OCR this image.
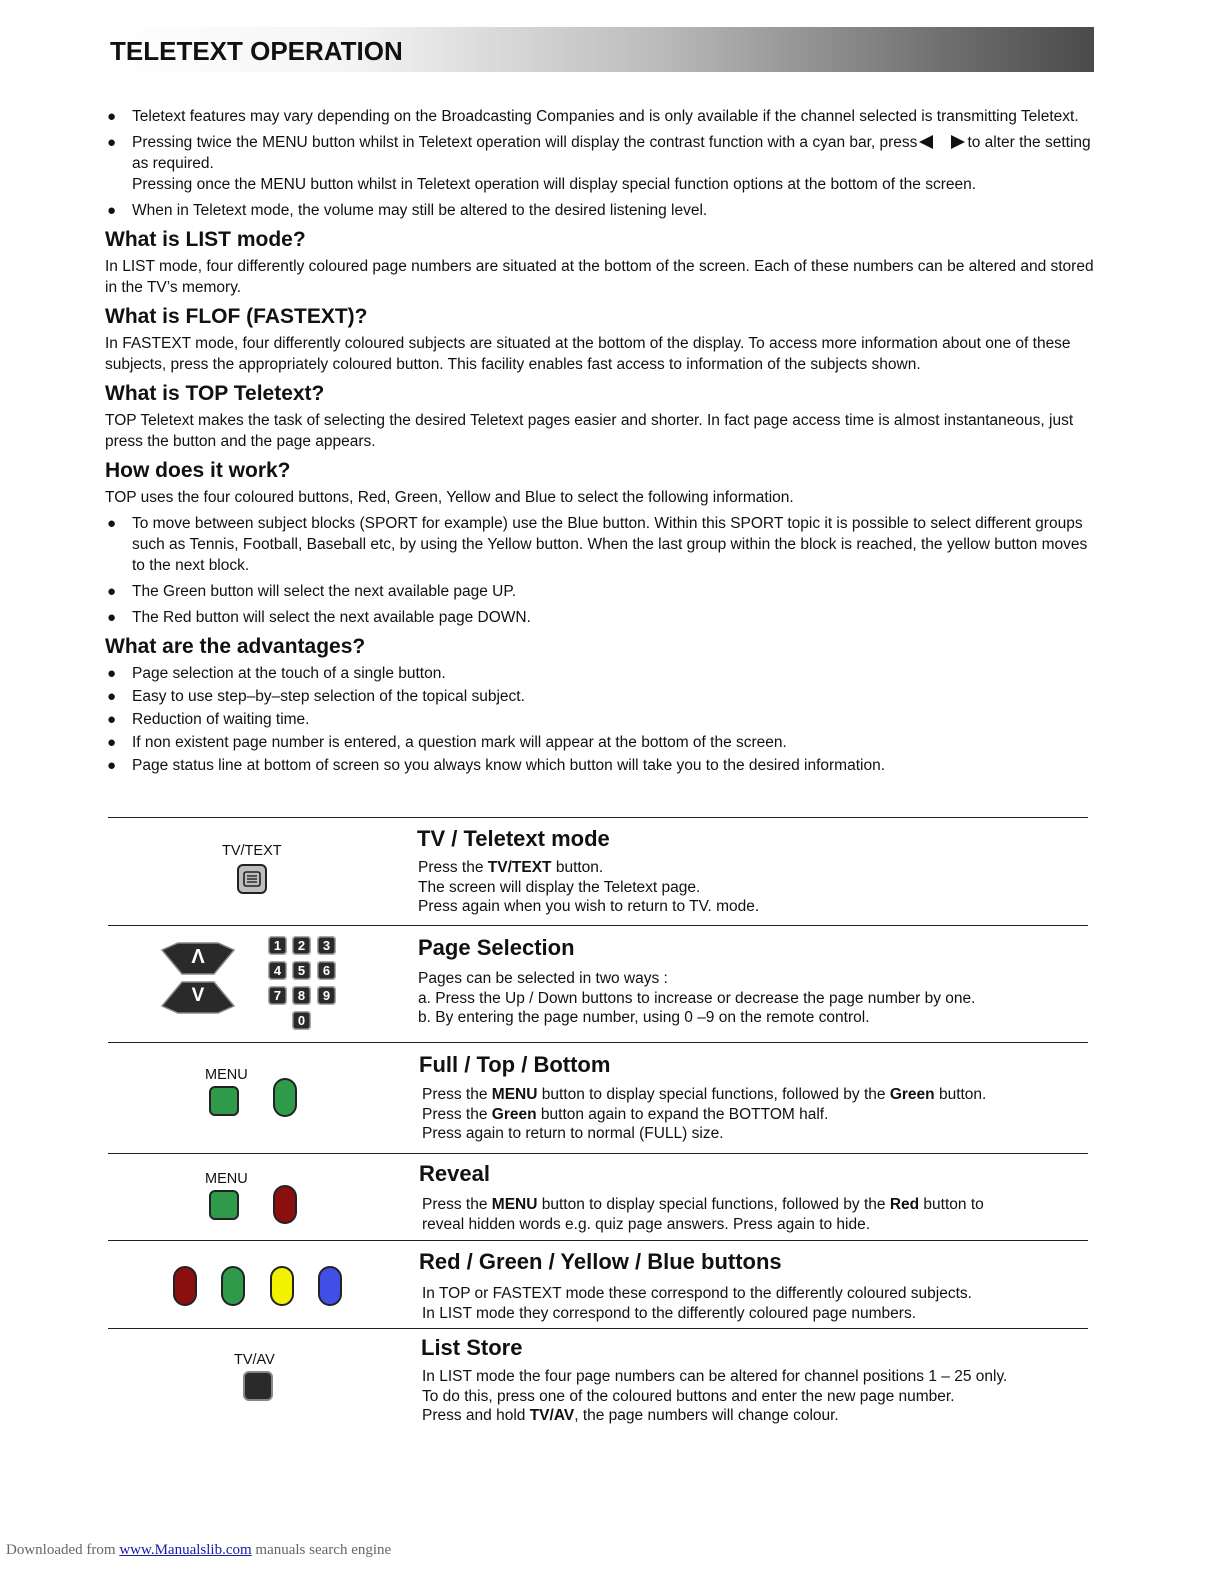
TELETEXT OPERATION
● Teletext features may vary depending on the Broadcasting Companies and is only available if the channel selected is transmitting Teletext.

● Pressing twice the MENU button whilst in Teletext operation will display the contrast function with a cyan bar, press	to alter the setting as required.

Pressing once the MENU button whilst in Teletext operation will display special function options at the bottom of the screen.

● When in Teletext mode, the volume may still be altered to the desired listening level.

What is LIST mode?

In LIST mode, four differently coloured page numbers are situated at the bottom of the screen. Each of these numbers can be altered and stored in the TV’s memory.

What is FLOF (FASTEXT)?

In FASTEXT mode, four differently coloured subjects are situated at the bottom of the display. To access more information about one of these subjects, press the appropriately coloured button. This facility enables fast access to information of the subjects shown.

What is TOP Teletext?

TOP Teletext makes the task of selecting the desired Teletext pages easier and shorter. In fact page access time is almost instantaneous, just press the button and the page appears.

How does it work?

TOP uses the four coloured buttons, Red, Green, Yellow and Blue to select the following information.

● To move between subject blocks (SPORT for example) use the Blue button. Within this SPORT topic it is possible to select different groups such as Tennis, Football, Baseball etc, by using the Yellow button. When the last group within the block is reached, the yellow button moves to the next block.

● The Green button will select the next available page UP.

● The Red button will select the next available page DOWN.

What are the advantages?
● Page selection at the touch of a single button.

● Easy to use step–by–step selection of the topical subject.

● Reduction of waiting time.

● If non existent page number is entered, a question mark will appear at the bottom of the screen.

● Page status line at bottom of screen so you always know which button will take you to the desired information.

TV/TEXT	TV / Teletext mode

Press the TV/TEXT button.

The screen will display the Teletext page.

Press again when you wish to return to TV. mode.

Λ
V
1	2	3
4	5	6
7	8	9
0
Page Selection

Pages can be selected in two ways :

a. Press the Up / Down buttons to increase or decrease the page number by one.

b. By entering the page number, using 0 –9 on the remote control.

MENU	Full / Top / Bottom

Press the MENU button to display special functions, followed by the Green button.

Press the Green button again to expand the BOTTOM half.

Press again to return to normal (FULL) size.

MENU	Reveal

Press the MENU button to display special functions, followed by the Red button to

reveal hidden words e.g. quiz page answers. Press again to hide.

Red / Green / Yellow / Blue buttons

In TOP or FASTEXT mode these correspond to the differently coloured subjects.

In LIST mode they correspond to the differently coloured page numbers.

TV/AV	List Store

In LIST mode the four page numbers can be altered for channel positions 1 – 25 only.

To do this, press one of the coloured buttons and enter the new page number.

Press and hold TV/AV, the page numbers will change colour.

Downloaded from www.Manualslib.com manuals search engine
